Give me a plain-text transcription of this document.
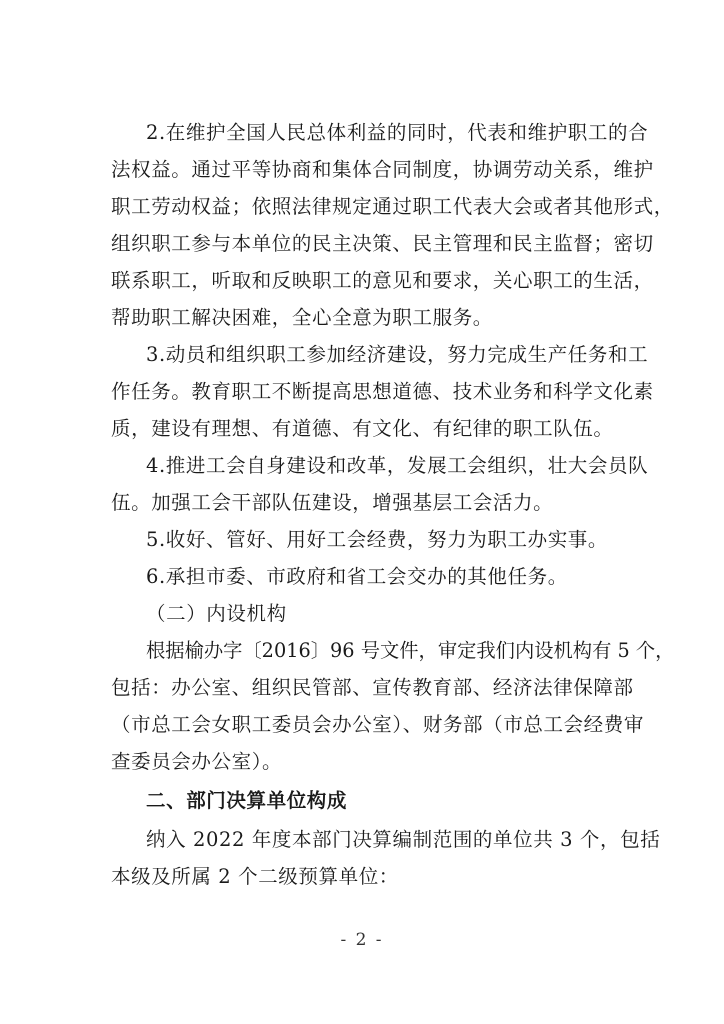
2.在维护全国人民总体利益的同时，代表和维护职工的合
法权益。通过平等协商和集体合同制度，协调劳动关系，维护
职工劳动权益；依照法律规定通过职工代表大会或者其他形式，
组织职工参与本单位的民主决策、民主管理和民主监督；密切
联系职工，听取和反映职工的意见和要求，关心职工的生活，
帮助职工解决困难，全心全意为职工服务。
3.动员和组织职工参加经济建设，努力完成生产任务和工
作任务。教育职工不断提高思想道德、技术业务和科学文化素
质，建设有理想、有道德、有文化、有纪律的职工队伍。
4.推进工会自身建设和改革，发展工会组织，壮大会员队
伍。加强工会干部队伍建设，增强基层工会活力。
5.收好、管好、用好工会经费，努力为职工办实事。
6.承担市委、市政府和省工会交办的其他任务。
（二）内设机构
根据榆办字〔2016〕96 号文件，审定我们内设机构有 5 个，
包括：办公室、组织民管部、宣传教育部、经济法律保障部
（市总工会女职工委员会办公室）、财务部（市总工会经费审
查委员会办公室）。
二、部门决算单位构成
纳入 2022 年度本部门决算编制范围的单位共 3 个，包括
本级及所属 2 个二级预算单位：
- 2 -
